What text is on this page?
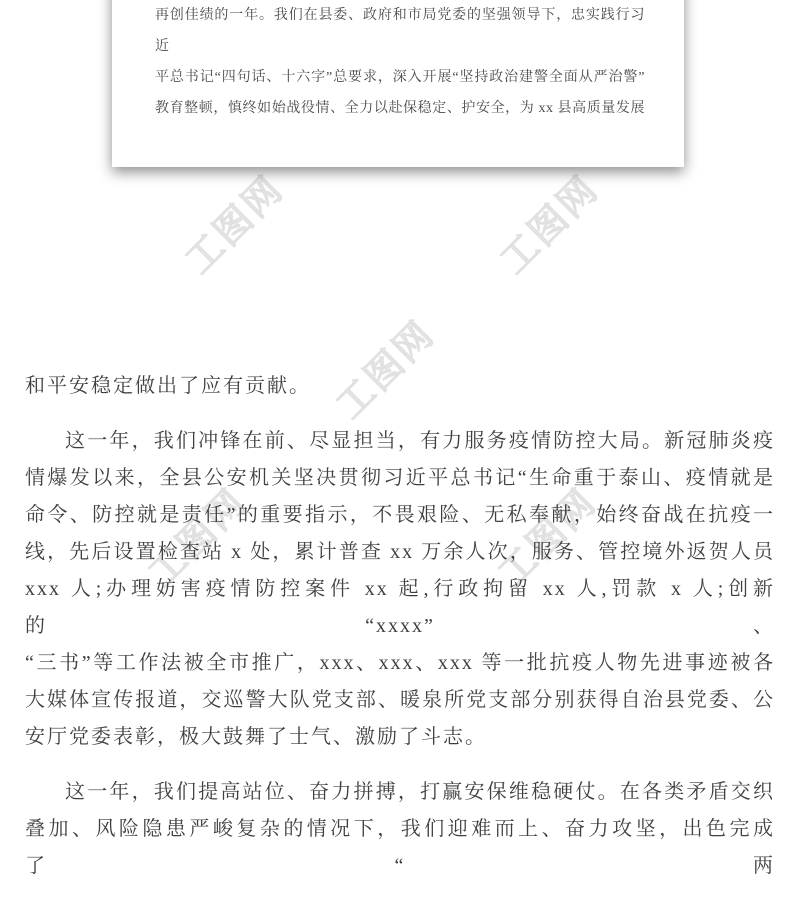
工图网	工图网
工图网
工图网	工图网
再创佳绩的一年。我们在县委、政府和市局党委的坚强领导下，忠实践行习近
平总书记“四句话、十六字”总要求，深入开展“坚持政治建警全面从严治警”
教育整顿，慎终如始战役情、全力以赴保稳定、护安全，为 xx 县高质量发展
和平安稳定做出了应有贡献。
这一年，我们冲锋在前、尽显担当，有力服务疫情防控大局。新冠肺炎疫
情爆发以来，全县公安机关坚决贯彻习近平总书记“生命重于泰山、疫情就是
命令、防控就是责任”的重要指示，不畏艰险、无私奉献，始终奋战在抗疫一
线，先后设置检查站 x 处，累计普查 xx 万余人次，服务、管控境外返贺人员
xxx 人;办理妨害疫情防控案件 xx 起,行政拘留 xx 人,罚款 x 人;创新的“xxxx”、
“三书”等工作法被全市推广，xxx、xxx、xxx 等一批抗疫人物先进事迹被各
大媒体宣传报道，交巡警大队党支部、暖泉所党支部分别获得自治县党委、公
安厅党委表彰，极大鼓舞了士气、激励了斗志。
这一年，我们提高站位、奋力拼搏，打赢安保维稳硬仗。在各类矛盾交织
叠加、风险隐患严峻复杂的情况下，我们迎难而上、奋力攻坚，出色完成了“两
